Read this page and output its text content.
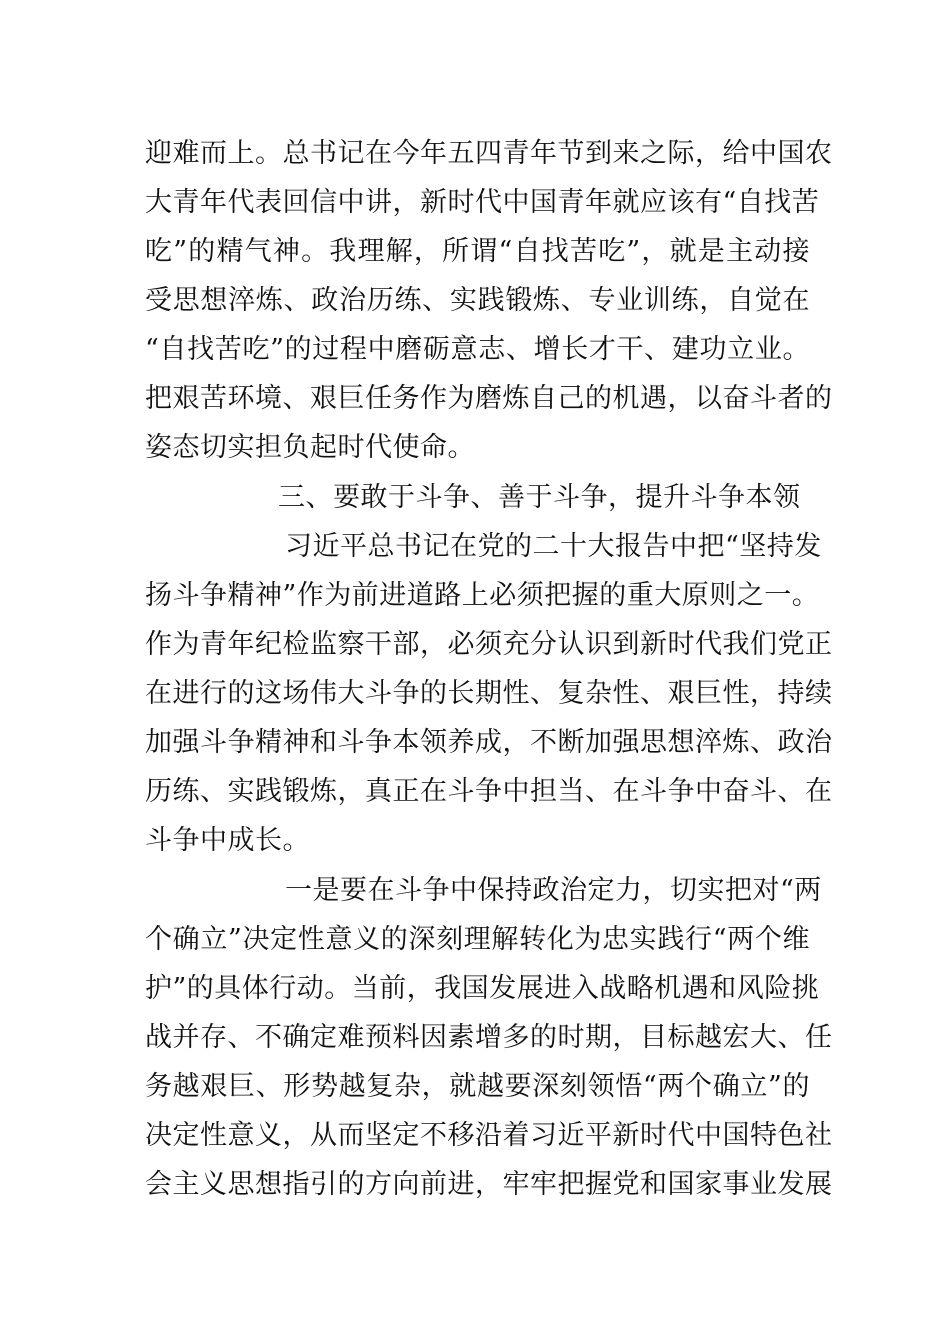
迎难而上。总书记在今年五四青年节到来之际，给中国农
大青年代表回信中讲，新时代中国青年就应该有“自找苦
吃”的精气神。我理解，所谓“自找苦吃”，就是主动接
受思想淬炼、政治历练、实践锻炼、专业训练，自觉在
“自找苦吃”的过程中磨砺意志、增长才干、建功立业。
把艰苦环境、艰巨任务作为磨炼自己的机遇，以奋斗者的
姿态切实担负起时代使命。
三、要敢于斗争、善于斗争，提升斗争本领
习近平总书记在党的二十大报告中把“坚持发
扬斗争精神”作为前进道路上必须把握的重大原则之一。
作为青年纪检监察干部，必须充分认识到新时代我们党正
在进行的这场伟大斗争的长期性、复杂性、艰巨性，持续
加强斗争精神和斗争本领养成，不断加强思想淬炼、政治
历练、实践锻炼，真正在斗争中担当、在斗争中奋斗、在
斗争中成长。
一是要在斗争中保持政治定力，切实把对“两
个确立”决定性意义的深刻理解转化为忠实践行“两个维
护”的具体行动。当前，我国发展进入战略机遇和风险挑
战并存、不确定难预料因素增多的时期，目标越宏大、任
务越艰巨、形势越复杂，就越要深刻领悟“两个确立”的
决定性意义，从而坚定不移沿着习近平新时代中国特色社
会主义思想指引的方向前进，牢牢把握党和国家事业发展
